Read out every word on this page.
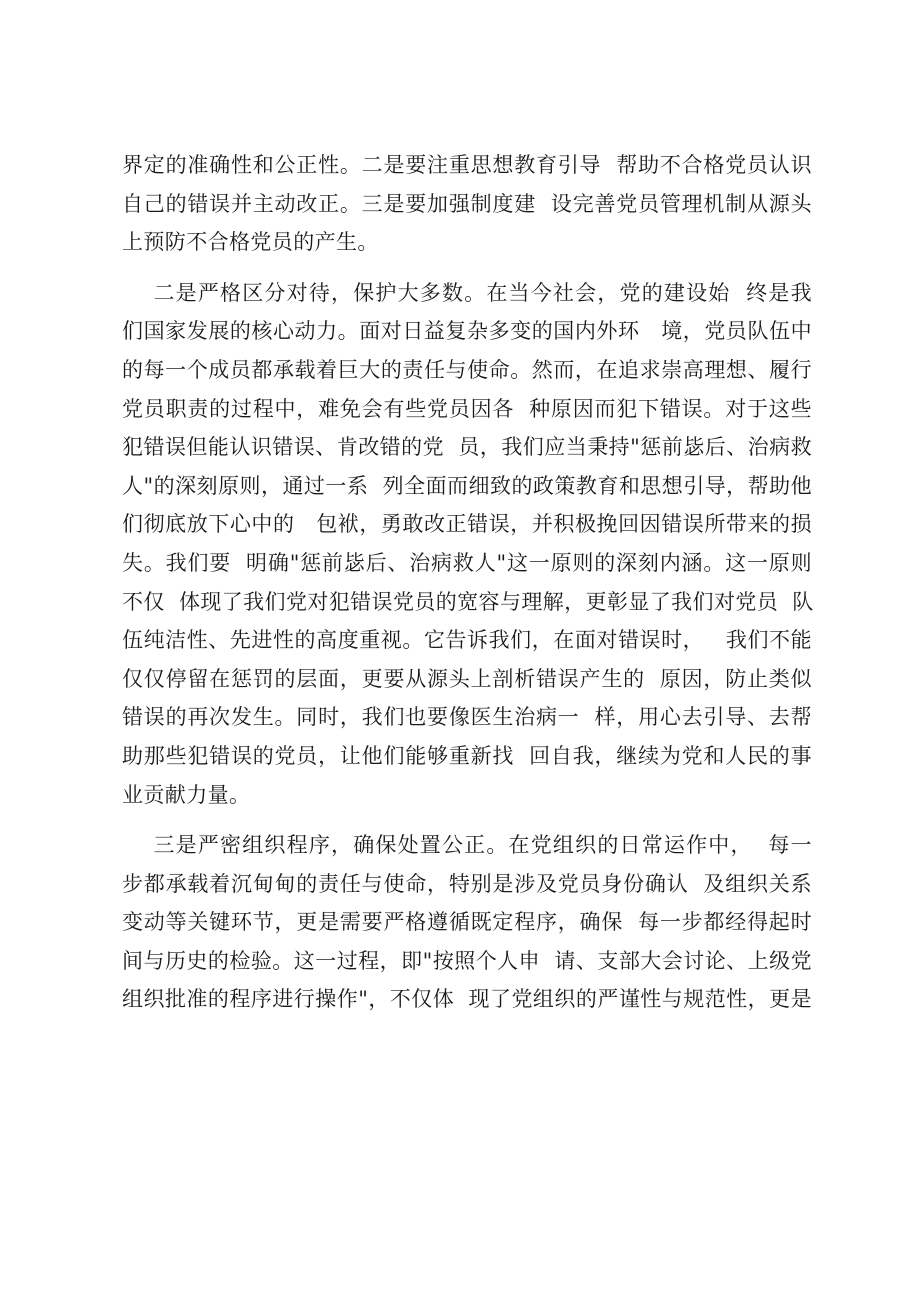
界定的准确性和公正性。二是要注重思想教育引导  帮助不合格党员认识
自己的错误并主动改正。三是要加强制度建  设完善党员管理机制从源头
上预防不合格党员的产生。
二是严格区分对待，保护大多数。在当今社会，党的建设始  终是我
们国家发展的核心动力。面对日益复杂多变的国内外环   境，党员队伍中
的每一个成员都承载着巨大的责任与使命。然而，在追求崇高理想、履行
党员职责的过程中，难免会有些党员因各  种原因而犯下错误。对于这些
犯错误但能认识错误、肯改错的党  员，我们应当秉持"惩前毖后、治病救
人"的深刻原则，通过一系  列全面而细致的政策教育和思想引导，帮助他
们彻底放下心中的   包袱，勇敢改正错误，并积极挽回因错误所带来的损
失。我们要  明确"惩前毖后、治病救人"这一原则的深刻内涵。这一原则
不仅  体现了我们党对犯错误党员的宽容与理解，更彰显了我们对党员  队
伍纯洁性、先进性的高度重视。它告诉我们，在面对错误时，   我们不能
仅仅停留在惩罚的层面，更要从源头上剖析错误产生的  原因，防止类似
错误的再次发生。同时，我们也要像医生治病一  样，用心去引导、去帮
助那些犯错误的党员，让他们能够重新找  回自我，继续为党和人民的事
业贡献力量。
三是严密组织程序，确保处置公正。在党组织的日常运作中，  每一
步都承载着沉甸甸的责任与使命，特别是涉及党员身份确认  及组织关系
变动等关键环节，更是需要严格遵循既定程序，确保  每一步都经得起时
间与历史的检验。这一过程，即"按照个人申  请、支部大会讨论、上级党
组织批准的程序进行操作"，不仅体  现了党组织的严谨性与规范性，更是
